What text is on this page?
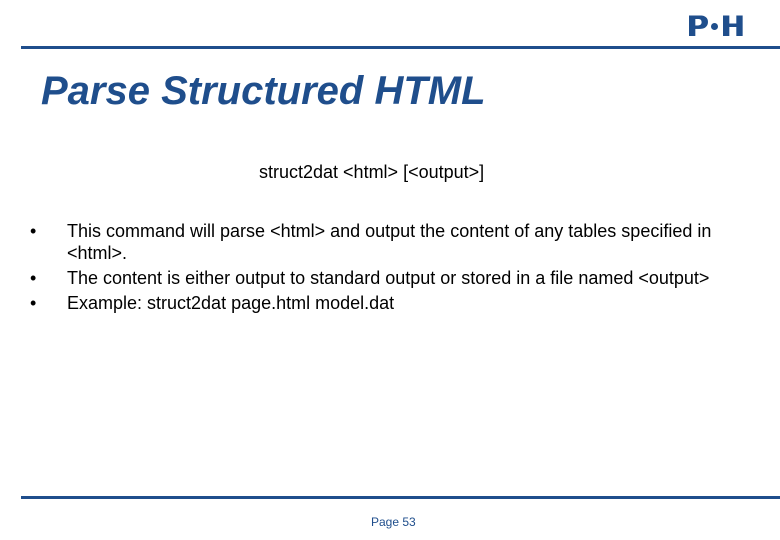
P H
Parse Structured HTML
struct2dat <html> [<output>]
•	This command will parse <html> and output the content of any tables specified in <html>.
•	The content is either output to standard output or stored in a file named <output>
•	Example: struct2dat page.html model.dat
Page 53
